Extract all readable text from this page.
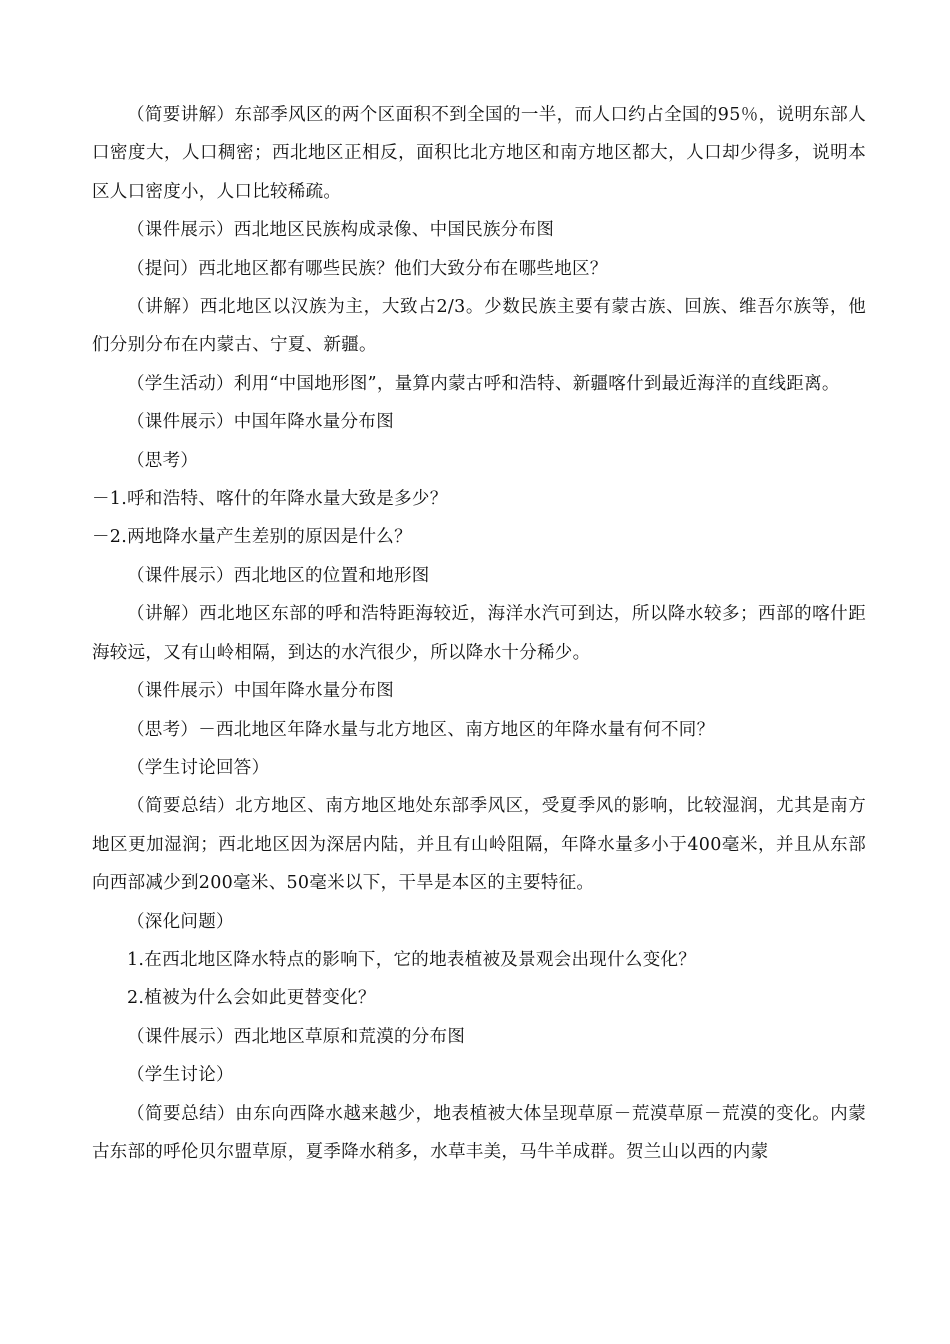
（简要讲解）东部季风区的两个区面积不到全国的一半，而人口约占全国的95％，说明东部人口密度大，人口稠密；西北地区正相反，面积比北方地区和南方地区都大，人口却少得多，说明本区人口密度小，人口比较稀疏。

（课件展示）西北地区民族构成录像、中国民族分布图

（提问）西北地区都有哪些民族？他们大致分布在哪些地区？

（讲解）西北地区以汉族为主，大致占2/3。少数民族主要有蒙古族、回族、维吾尔族等，他们分别分布在内蒙古、宁夏、新疆。

（学生活动）利用“中国地形图”，量算内蒙古呼和浩特、新疆喀什到最近海洋的直线距离。

（课件展示）中国年降水量分布图

（思考）

－1.呼和浩特、喀什的年降水量大致是多少？

－2.两地降水量产生差别的原因是什么？

（课件展示）西北地区的位置和地形图

（讲解）西北地区东部的呼和浩特距海较近，海洋水汽可到达，所以降水较多；西部的喀什距海较远，又有山岭相隔，到达的水汽很少，所以降水十分稀少。

（课件展示）中国年降水量分布图

（思考）－西北地区年降水量与北方地区、南方地区的年降水量有何不同？

（学生讨论回答）

（简要总结）北方地区、南方地区地处东部季风区，受夏季风的影响，比较湿润，尤其是南方地区更加湿润；西北地区因为深居内陆，并且有山岭阻隔，年降水量多小于400毫米，并且从东部向西部减少到200毫米、50毫米以下，干旱是本区的主要特征。

（深化问题）

1.在西北地区降水特点的影响下，它的地表植被及景观会出现什么变化？

2.植被为什么会如此更替变化？

（课件展示）西北地区草原和荒漠的分布图

（学生讨论）

（简要总结）由东向西降水越来越少，地表植被大体呈现草原－荒漠草原－荒漠的变化。内蒙古东部的呼伦贝尔盟草原，夏季降水稍多，水草丰美，马牛羊成群。贺兰山以西的内蒙
